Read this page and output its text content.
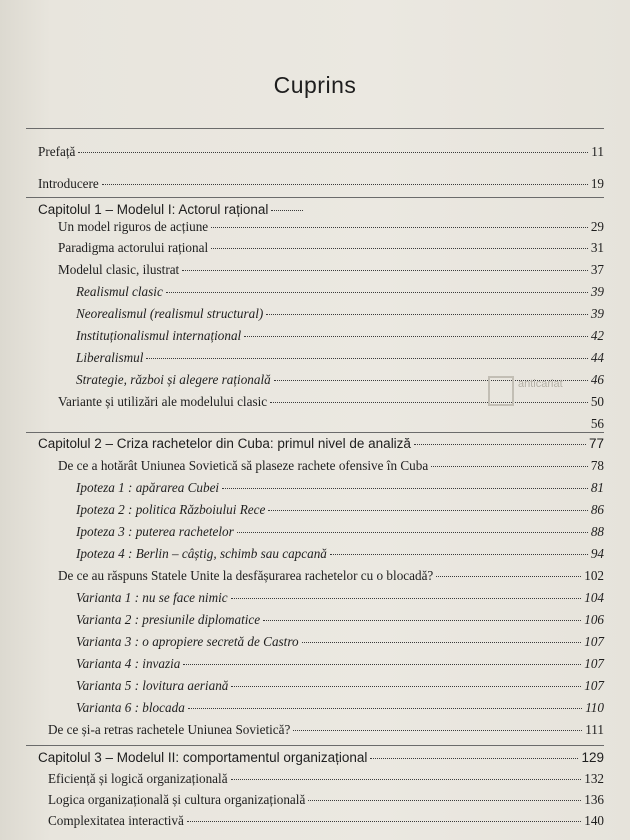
Cuprins
Prefață	11
Introducere	19
Capitolul 1 – Modelul I: Actorul rațional
Un model riguros de acțiune	29
Paradigma actorului rațional	31
Modelul clasic, ilustrat	37
Realismul clasic	39
Neorealismul (realismul structural)	39
Instituționalismul internațional	42
Liberalismul	44
Strategie, război și alegere rațională	46
Variante și utilizări ale modelului clasic	50
56
Capitolul 2 – Criza rachetelor din Cuba: primul nivel de analiză	77
De ce a hotărât Uniunea Sovietică să plaseze rachete ofensive în Cuba	78
Ipoteza 1 : apărarea Cubei	81
Ipoteza 2 : politica Războiului Rece	86
Ipoteza 3 : puterea rachetelor	88
Ipoteza 4 : Berlin – câștig, schimb sau capcană	94
De ce au răspuns Statele Unite la desfășurarea rachetelor cu o blocadă?	102
Varianta 1 : nu se face nimic	104
Varianta 2 : presiunile diplomatice	106
Varianta 3 : o apropiere secretă de Castro	107
Varianta 4 : invazia	107
Varianta 5 : lovitura aeriană	107
Varianta 6 : blocada	110
De ce și-a retras rachetele Uniunea Sovietică?	111
Capitolul 3 – Modelul II: comportamentul organizațional	129
Eficiență și logică organizațională	132
Logica organizațională și cultura organizațională	136
Complexitatea interactivă	140
anticariat
